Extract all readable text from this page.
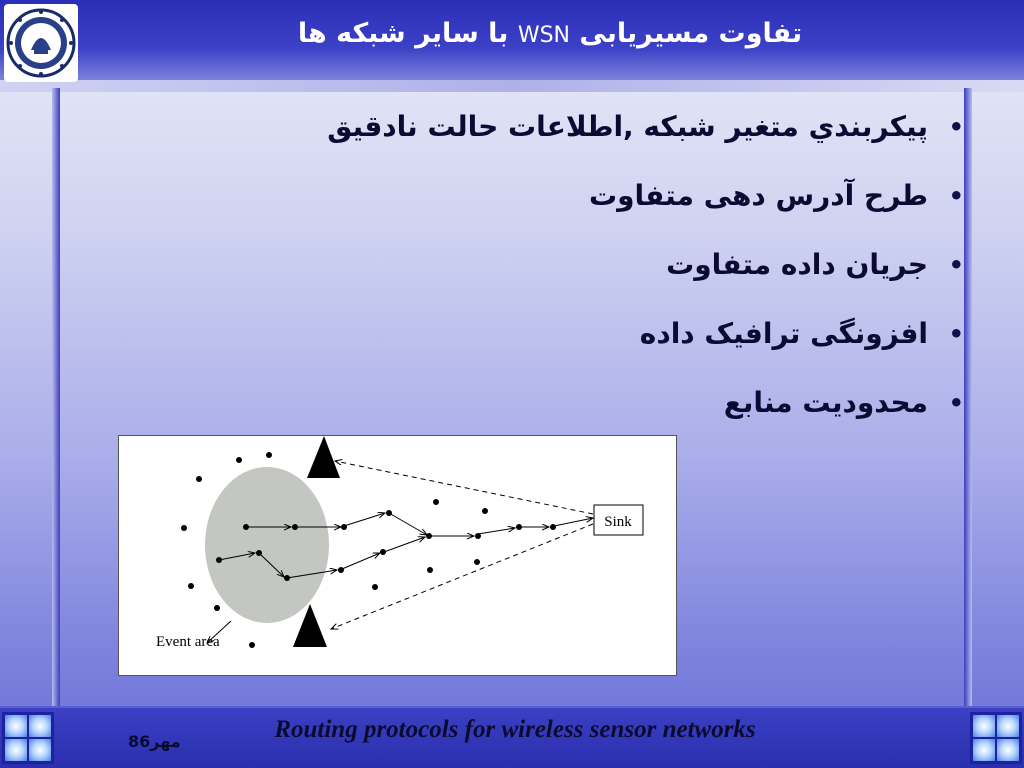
تفاوت مسيريابی WSN با ساير شبکه ها
•
پيکربندي متغير شبکه ,اطلاعات حالت نادقيق
•
طرح آدرس دهی متفاوت
•
جريان داده متفاوت
•
افزونگی ترافيک داده
•
محدوديت منابع
Sink
Event area
مهر86	Routing protocols for wireless sensor networks
